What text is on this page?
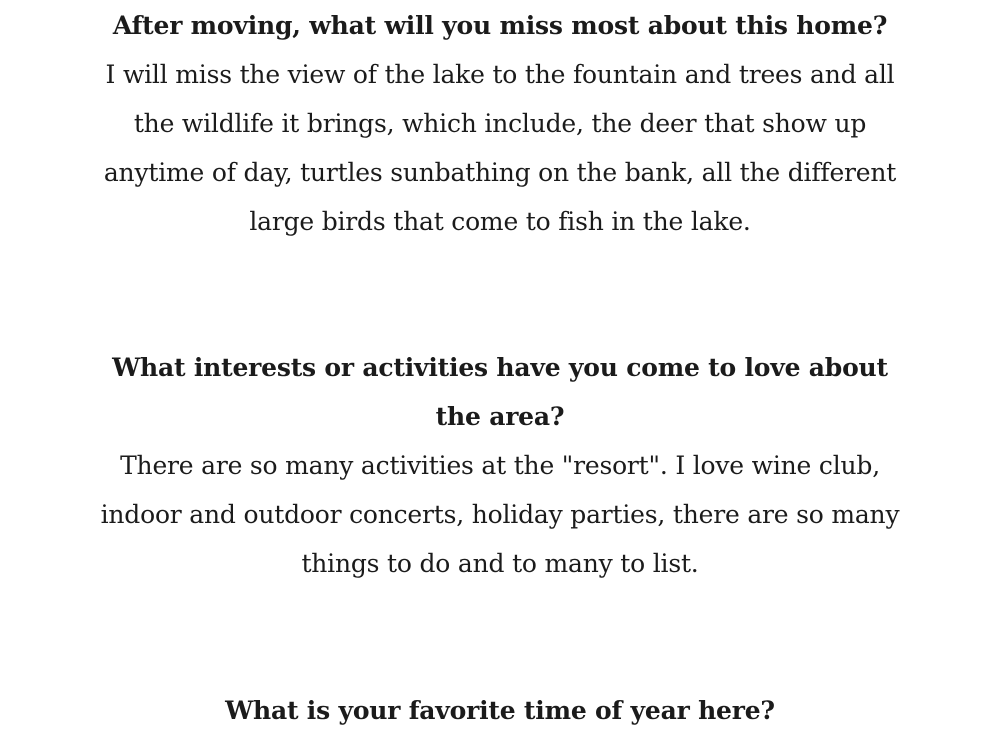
After moving, what will you miss most about this home?

I will miss the view of the lake to the fountain and trees and all the wildlife it brings, which include, the deer that show up anytime of day, turtles sunbathing on the bank, all the different large birds that come to fish in the lake.

What interests or activities have you come to love about the area?

There are so many activities at the "resort". I love wine club, indoor and outdoor concerts, holiday parties, there are so many things to do and to many to list.

What is your favorite time of year here?
